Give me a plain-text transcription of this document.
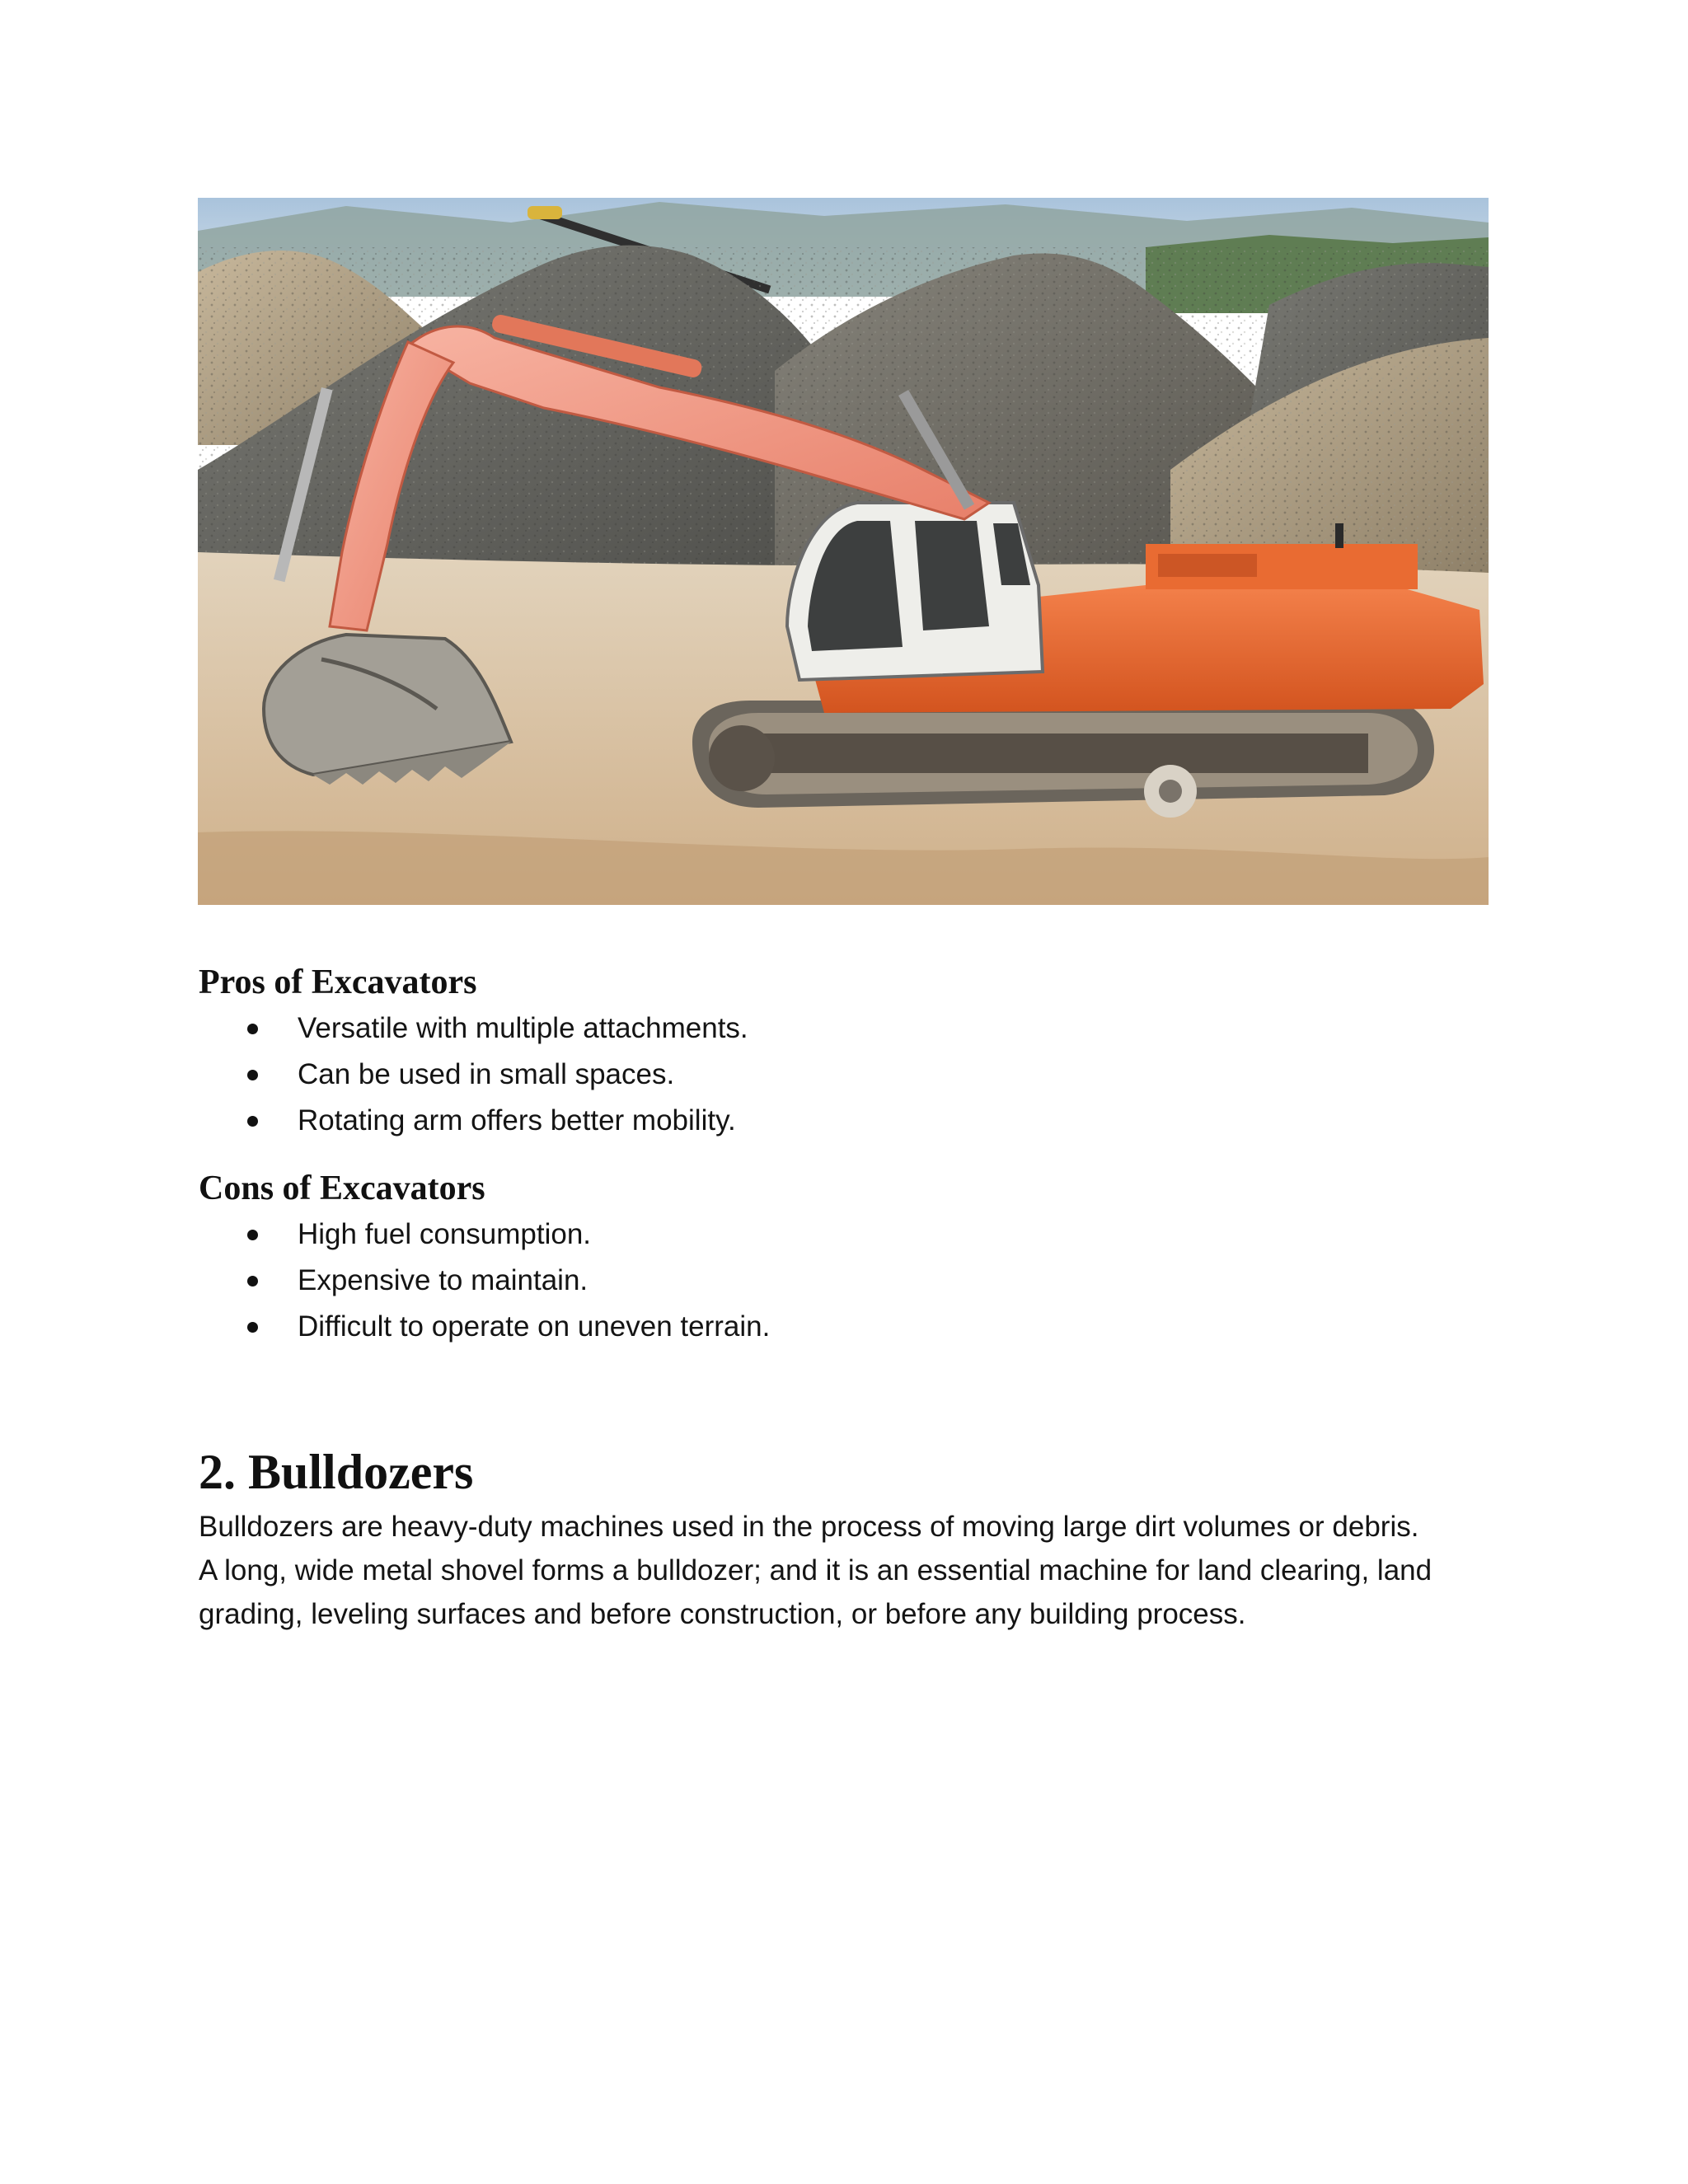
Pros of Excavators
Versatile with multiple attachments.
Can be used in small spaces.
Rotating arm offers better mobility.
Cons of Excavators
High fuel consumption.
Expensive to maintain.
Difficult to operate on uneven terrain.
2. Bulldozers

Bulldozers are heavy-duty machines used in the process of moving large dirt volumes or debris.
A long, wide metal shovel forms a bulldozer; and it is an essential machine for land clearing, land
grading, leveling surfaces and before construction, or before any building process.
